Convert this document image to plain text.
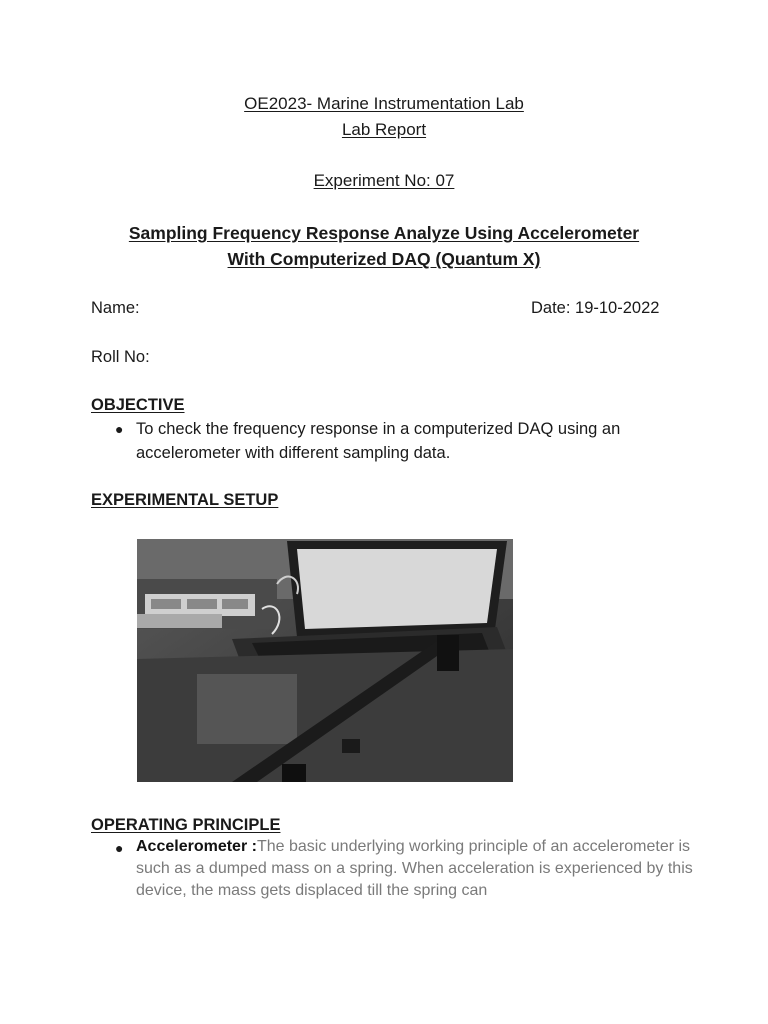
OE2023- Marine Instrumentation Lab
Lab Report
Experiment No: 07
Sampling Frequency Response Analyze Using Accelerometer
With Computerized DAQ (Quantum X)
Name:	Date: 19-10-2022
Roll No:
OBJECTIVE
● To check the frequency response in a computerized DAQ using an accelerometer with different sampling data.
EXPERIMENTAL SETUP
OPERATING PRINCIPLE
● Accelerometer :The basic underlying working principle of an accelerometer is such as a dumped mass on a spring. When acceleration is experienced by this device, the mass gets displaced till the spring can
